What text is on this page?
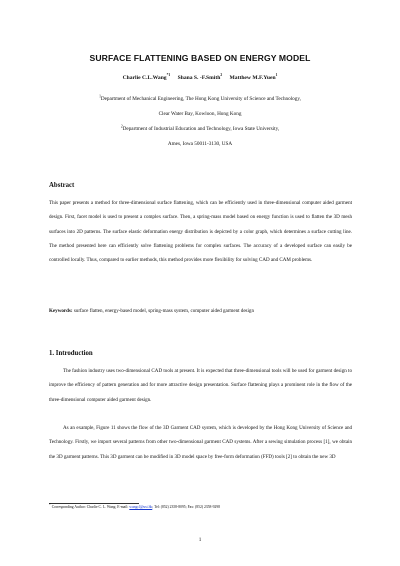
SURFACE FLATTENING BASED ON ENERGY MODEL
Charlie C.L.Wang$^{*1}$ Shana S. -F.Smith$^2$ Matthew M.F.Yuen$^1$
$^1$Department of Mechanical Engineering, The Hong Kong University of Science and Technology,
Clear Water Bay, Kowloon, Hong Kong
$^2$Department of Industrial Education and Technology, Iowa State University,
Ames, Iowa 50011-3130, USA
Abstract
This paper presents a method for three-dimensional surface flattening, which can be efficiently used in three-dimensional computer aided garment design. First, facet model is used to present a complex surface. Then, a spring-mass model based on energy function is used to flatten the 3D mesh surfaces into 2D patterns. The surface elastic deformation energy distribution is depicted by a color graph, which determines a surface cutting line. The method presented here can efficiently solve flattening problems for complex surfaces. The accuracy of a developed surface can easily be controlled locally. Thus, compared to earlier methods, this method provides more flexibility for solving CAD and CAM problems.
Keywords: surface flatten, energy-based model, spring-mass system, computer aided garment design
1. Introduction
The fashion industry uses two-dimensional CAD tools at present. It is expected that three-dimensional tools will be used for garment design to improve the efficiency of pattern generation and for more attractive design presentation. Surface flattening plays a prominent role in the flow of the three-dimensional computer aided garment design.
As an example, Figure 11 shows the flow of the 3D Garment CAD system, which is developed by the Hong Kong University of Science and Technology. Firstly, we import several patterns from other two-dimensional garment CAD systems. After a sewing simulation process [1], we obtain the 3D garment patterns. This 3D garment can be modified in 3D model space by free-form deformation (FFD) tools [2] to obtain the new 3D
* Corresponding Author: Charlie C. L. Wang; E-mail: wangcl@ust.hk; Tel: (852) 2358-8095; Fax: (852) 2358-9298
1
